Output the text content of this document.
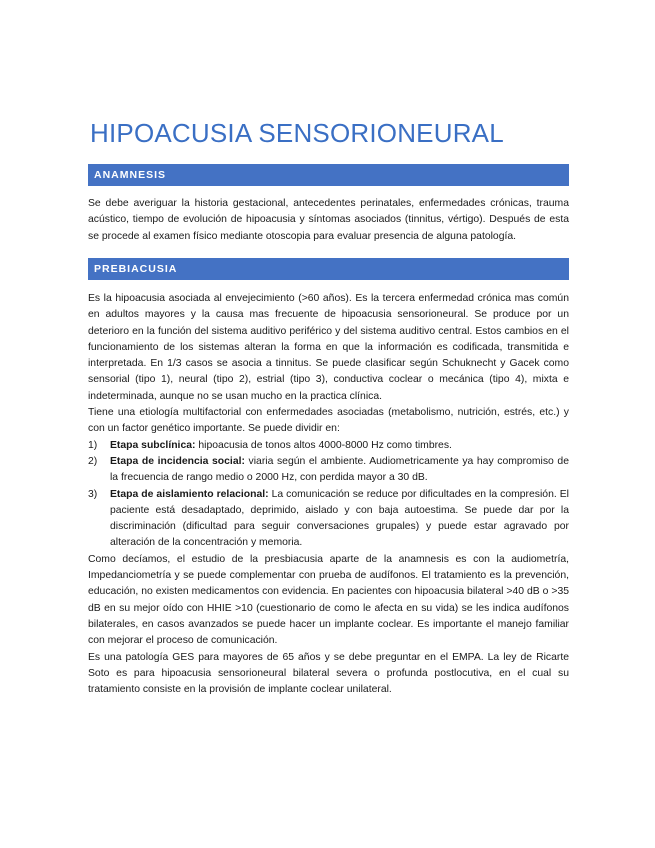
HIPOACUSIA SENSORIONEURAL
ANAMNESIS

Se debe averiguar la historia gestacional, antecedentes perinatales, enfermedades crónicas, trauma acústico, tiempo de evolución de hipoacusia y síntomas asociados (tinnitus, vértigo). Después de esta se procede al examen físico mediante otoscopia para evaluar presencia de alguna patología.

PREBIACUSIA

Es la hipoacusia asociada al envejecimiento (>60 años). Es la tercera enfermedad crónica mas común en adultos mayores y la causa mas frecuente de hipoacusia sensorioneural. Se produce por un deterioro en la función del sistema auditivo periférico y del sistema auditivo central. Estos cambios en el funcionamiento de los sistemas alteran la forma en que la información es codificada, transmitida e interpretada. En 1/3 casos se asocia a tinnitus. Se puede clasificar según Schuknecht y Gacek como sensorial (tipo 1), neural (tipo 2), estrial (tipo 3), conductiva coclear o mecánica (tipo 4), mixta e indeterminada, aunque no se usan mucho en la practica clínica.

Tiene una etiología multifactorial con enfermedades asociadas (metabolismo, nutrición, estrés, etc.) y con un factor genético importante. Se puede dividir en:

1) Etapa subclínica: hipoacusia de tonos altos 4000-8000 Hz como timbres.
2) Etapa de incidencia social: viaria según el ambiente. Audiometricamente ya hay compromiso de la frecuencia de rango medio o 2000 Hz, con perdida mayor a 30 dB.
3) Etapa de aislamiento relacional: La comunicación se reduce por dificultades en la compresión. El paciente está desadaptado, deprimido, aislado y con baja autoestima. Se puede dar por la discriminación (dificultad para seguir conversaciones grupales) y puede estar agravado por alteración de la concentración y memoria.

Como decíamos, el estudio de la presbiacusia aparte de la anamnesis es con la audiometría, Impedanciometría y se puede complementar con prueba de audífonos. El tratamiento es la prevención, educación, no existen medicamentos con evidencia. En pacientes con hipoacusia bilateral >40 dB o >35 dB en su mejor oído con HHIE >10 (cuestionario de como le afecta en su vida) se les indica audífonos bilaterales, en casos avanzados se puede hacer un implante coclear. Es importante el manejo familiar con mejorar el proceso de comunicación.

Es una patología GES para mayores de 65 años y se debe preguntar en el EMPA. La ley de Ricarte Soto es para hipoacusia sensorioneural bilateral severa o profunda postlocutiva, en el cual su tratamiento consiste en la provisión de implante coclear unilateral.
